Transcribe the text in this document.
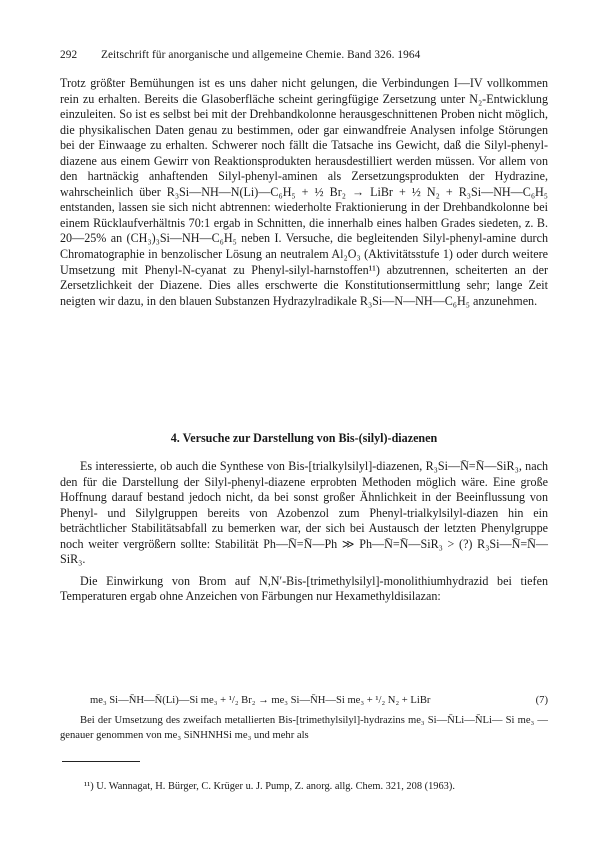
292 Zeitschrift für anorganische und allgemeine Chemie. Band 326. 1964

Trotz größter Bemühungen ist es uns daher nicht gelungen, die Verbindungen I—IV vollkommen rein zu erhalten. Bereits die Glasoberfläche scheint geringfügige Zersetzung unter N₂-Entwicklung einzuleiten. So ist es selbst bei mit der Drehbandkolonne herausgeschnittenen Proben nicht möglich, die physikalischen Daten genau zu bestimmen, oder gar einwandfreie Analysen infolge Störungen bei der Einwaage zu erhalten. Schwerer noch fällt die Tatsache ins Gewicht, daß die Silyl-phenyl-diazene aus einem Gewirr von Reaktionsprodukten herausdestilliert werden müssen. Vor allem von den hartnäckig anhaftenden Silyl-phenyl-aminen als Zersetzungsprodukten der Hydrazine, wahrscheinlich über R₃Si—NH—N(Li)—C₆H₅ + ½ Br₂ → LiBr + ½ N₂ + R₃Si—NH—C₆H₅ entstanden, lassen sie sich nicht abtrennen: wiederholte Fraktionierung in der Drehbandkolonne bei einem Rücklaufverhältnis 70:1 ergab in Schnitten, die innerhalb eines halben Grades siedeten, z. B. 20—25% an (CH₃)₃Si—NH—C₆H₅ neben I. Versuche, die begleitenden Silyl-phenyl-amine durch Chromatographie in benzolischer Lösung an neutralem Al₂O₃ (Aktivitätsstufe 1) oder durch weitere Umsetzung mit Phenyl-N-cyanat zu Phenyl-silyl-harnstoffen¹¹) abzutrennen, scheiterten an der Zersetzlichkeit der Diazene. Dies alles erschwerte die Konstitutionsermittlung sehr; lange Zeit neigten wir dazu, in den blauen Substanzen Hydrazylradikale R₃Si—N—NH—C₆H₅ anzunehmen.

4. Versuche zur Darstellung von Bis-(silyl)-diazenen

Es interessierte, ob auch die Synthese von Bis-[trialkylsilyl]-diazenen, R₃Si—N̄=N̄—SiR₃, nach den für die Darstellung der Silyl-phenyl-diazene erprobten Methoden möglich wäre. Eine große Hoffnung darauf bestand jedoch nicht, da bei sonst großer Ähnlichkeit in der Beeinflussung von Phenyl- und Silylgruppen bereits von Azobenzol zum Phenyl-trialkylsilyl-diazen hin ein beträchtlicher Stabilitätsabfall zu bemerken war, der sich bei Austausch der letzten Phenylgruppe noch weiter vergrößern sollte: Stabilität Ph—N̄=N̄—Ph ≫ Ph—N̄=N̄—SiR₃ > (?) R₃Si—N̄=N̄—SiR₃.

Die Einwirkung von Brom auf N,N′-Bis-[trimethylsilyl]-monolithiumhydrazid bei tiefen Temperaturen ergab ohne Anzeichen von Färbungen nur Hexamethyldisilazan:

me₃ Si—N̄H—N̄(Li)—Si me₃ + ¹/₂ Br₂ → me₃ Si—N̄H—Si me₃ + ¹/₂ N₂ + LiBr	(7)

Bei der Umsetzung des zweifach metallierten Bis-[trimethylsilyl]-hydrazins me₃ Si—N̄Li—N̄Li— Si me₃ — genauer genommen von me₃ SiNHNHSi me₃ und mehr als

¹¹) U. Wannagat, H. Bürger, C. Krüger u. J. Pump, Z. anorg. allg. Chem. 321, 208 (1963).
